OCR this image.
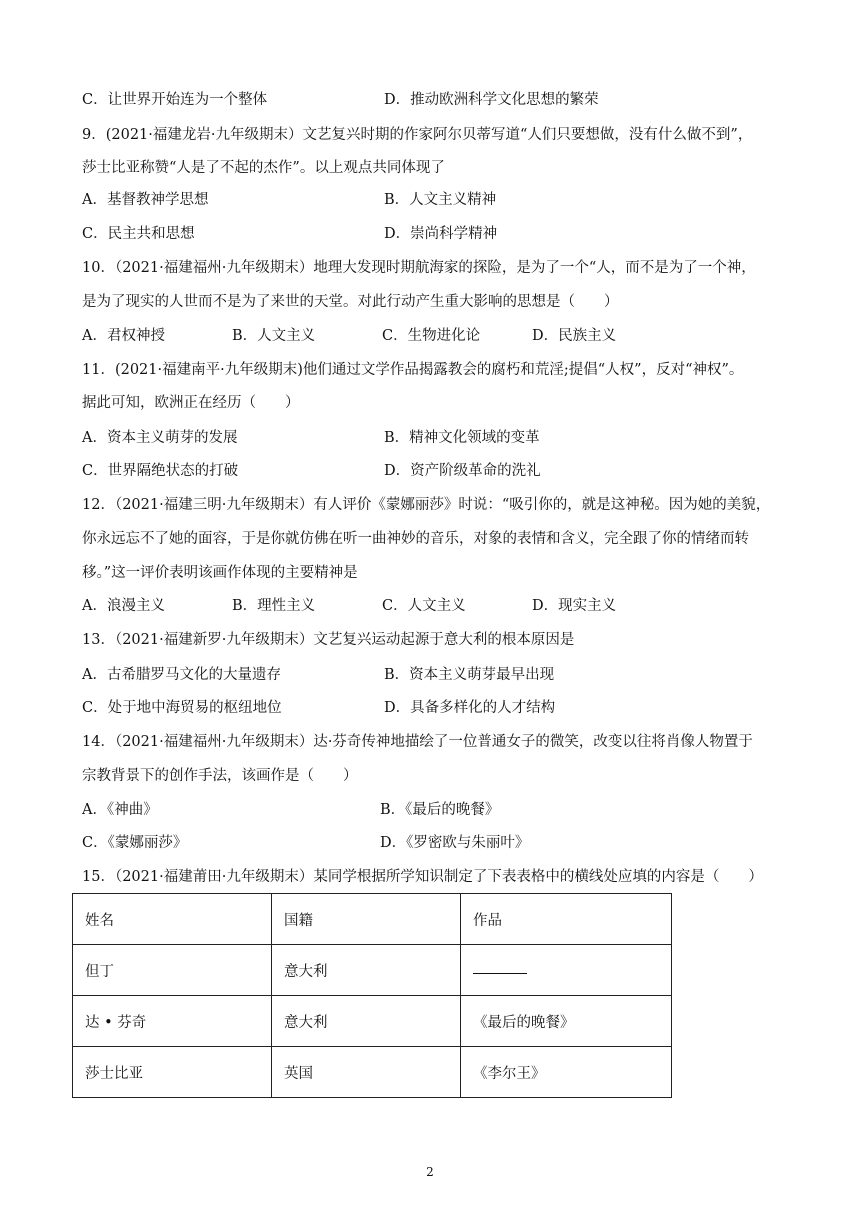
C．让世界开始连为一个整体	D．推动欧洲科学文化思想的繁荣
9．(2021·福建龙岩·九年级期末）文艺复兴时期的作家阿尔贝蒂写道“人们只要想做，没有什么做不到”，
莎士比亚称赞“人是了不起的杰作”。以上观点共同体现了
A．基督教神学思想	B．人文主义精神
C．民主共和思想	D．崇尚科学精神
10．（2021·福建福州·九年级期末）地理大发现时期航海家的探险，是为了一个“人，而不是为了一个神，
是为了现实的人世而不是为了来世的天堂。对此行动产生重大影响的思想是（　　）
A．君权神授	B．人文主义	C．生物进化论	D．民族主义
11．(2021·福建南平·九年级期末)他们通过文学作品揭露教会的腐朽和荒淫;提倡“人权”，反对“神权”。
据此可知，欧洲正在经历（　　）
A．资本主义萌芽的发展	B．精神文化领域的变革
C．世界隔绝状态的打破	D．资产阶级革命的洗礼
12．（2021·福建三明·九年级期末）有人评价《蒙娜丽莎》时说：“吸引你的，就是这神秘。因为她的美貌，
你永远忘不了她的面容，于是你就仿佛在听一曲神妙的音乐，对象的表情和含义，完全跟了你的情绪而转
移。”这一评价表明该画作体现的主要精神是
A．浪漫主义	B．理性主义	C．人文主义	D．现实主义
13．（2021·福建新罗·九年级期末）文艺复兴运动起源于意大利的根本原因是
A．古希腊罗马文化的大量遗存	B．资本主义萌芽最早出现
C．处于地中海贸易的枢纽地位	D．具备多样化的人才结构
14．（2021·福建福州·九年级期末）达·芬奇传神地描绘了一位普通女子的微笑，改变以往将肖像人物置于
宗教背景下的创作手法，该画作是（　　）
A．《神曲》	B．《最后的晚餐》
C．《蒙娜丽莎》	D．《罗密欧与朱丽叶》
15．（2021·福建莆田·九年级期末）某同学根据所学知识制定了下表表格中的横线处应填的内容是（　　）
姓名	国籍	作品
但丁	意大利	
达 • 芬奇	意大利	《最后的晚餐》
莎士比亚	英国	《李尔王》
2
